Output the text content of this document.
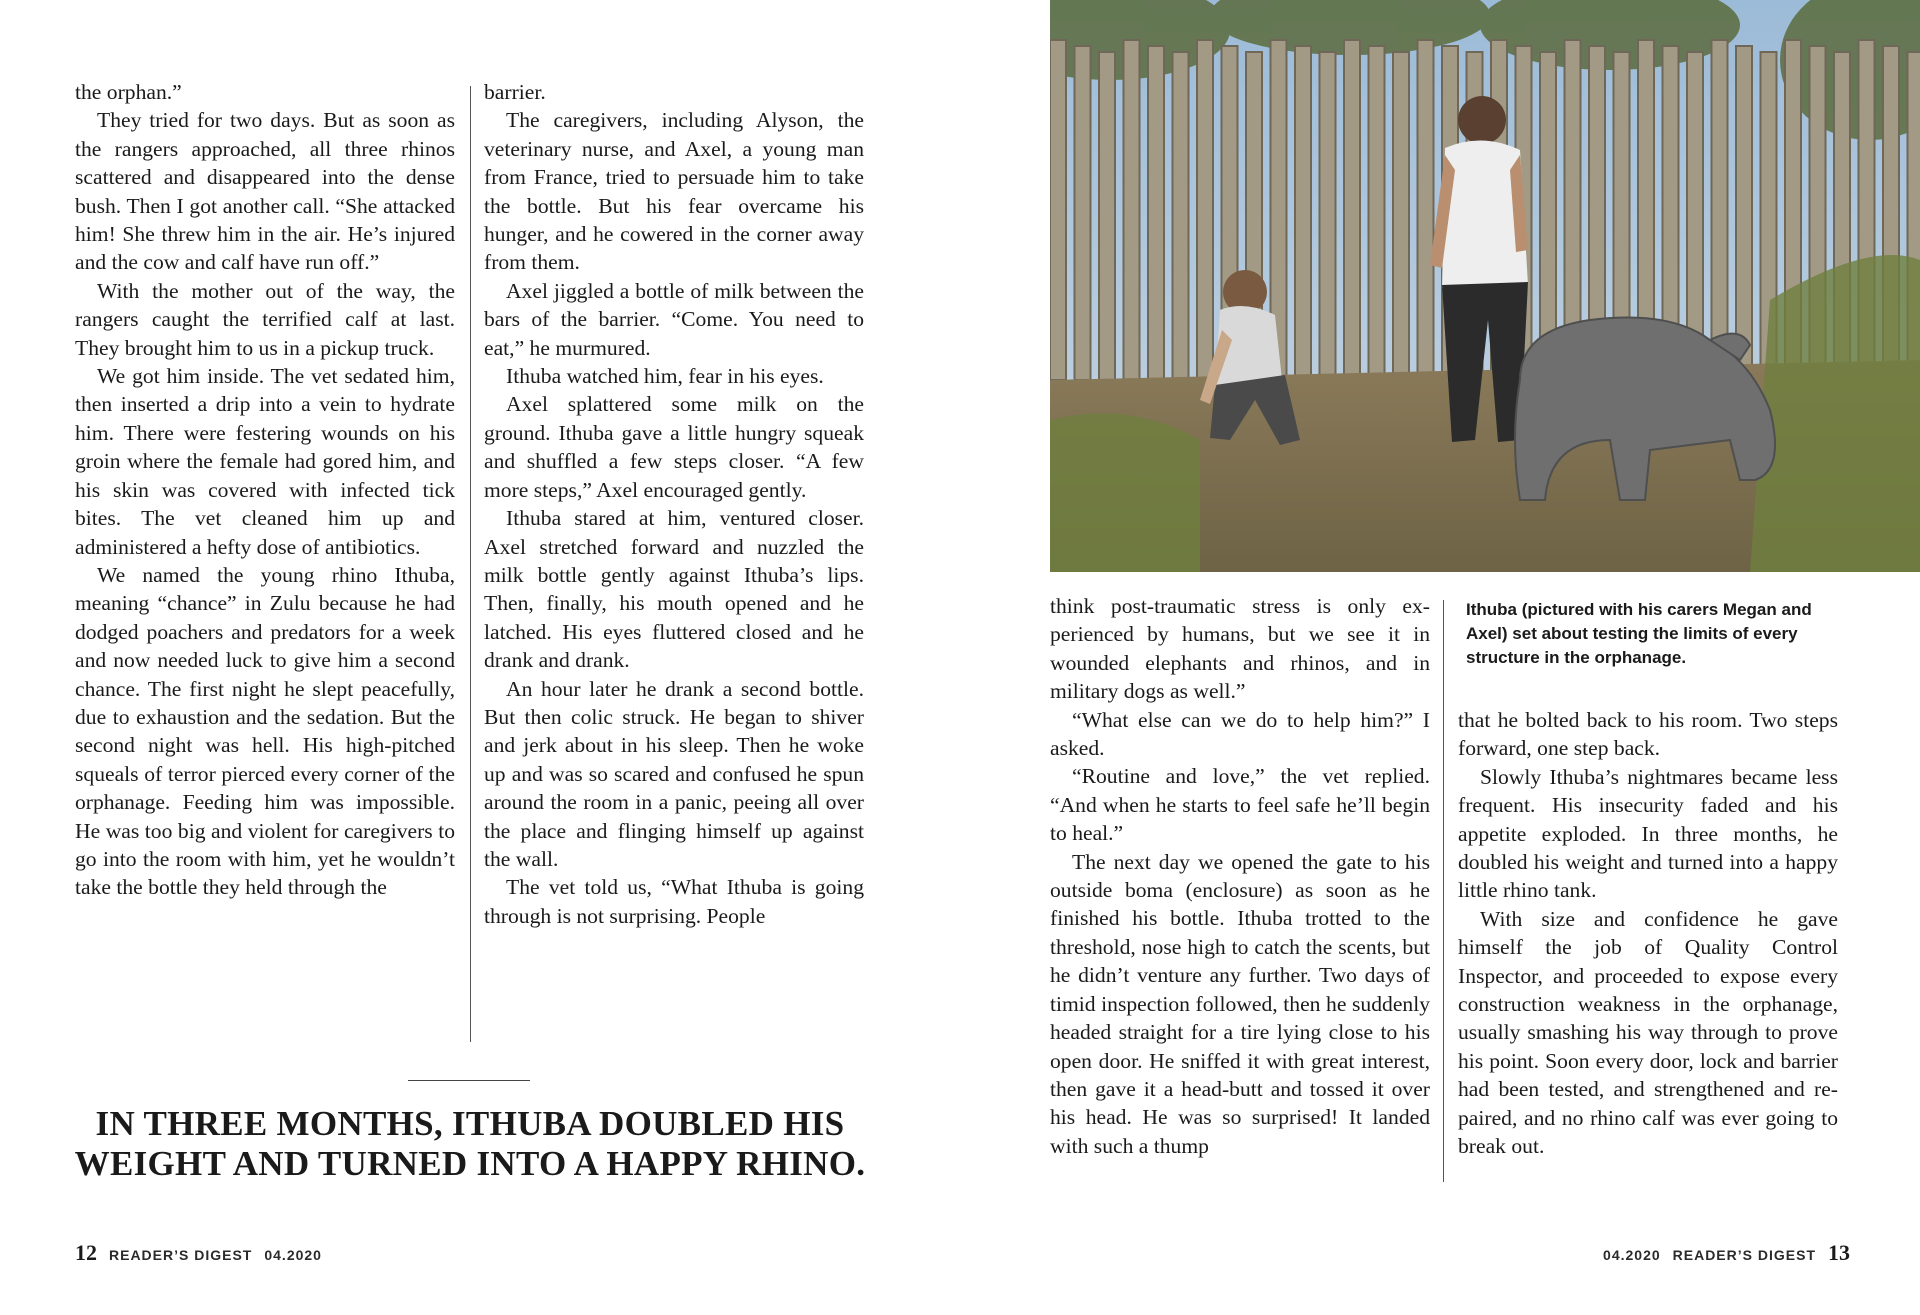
the orphan.”

They tried for two days. But as soon as the rangers approached, all three rhinos scattered and disappeared into the dense bush. Then I got another call. “She attacked him! She threw him in the air. He’s injured and the cow and calf have run off.”

With the mother out of the way, the rangers caught the terrified calf at last. They brought him to us in a pickup truck.

We got him inside. The vet sedated him, then inserted a drip into a vein to hydrate him. There were festering wounds on his groin where the female had gored him, and his skin was covered with infected tick bites. The vet cleaned him up and administered a hefty dose of antibiotics.

We named the young rhino Ithuba, meaning “chance” in Zulu because he had dodged poachers and predators for a week and now needed luck to give him a second chance. The first night he slept peacefully, due to exhaustion and the sedation. But the second night was hell. His high-pitched squeals of terror pierced every corner of the orphanage. Feeding him was impossible. He was too big and violent for caregivers to go into the room with him, yet he wouldn’t take the bottle they held through the

barrier.

The caregivers, including Alyson, the veterinary nurse, and Axel, a young man from France, tried to persuade him to take the bottle. But his fear overcame his hunger, and he cowered in the corner away from them.

Axel jiggled a bottle of milk between the bars of the barrier. “Come. You need to eat,” he murmured.

Ithuba watched him, fear in his eyes.

Axel splattered some milk on the ground. Ithuba gave a little hungry squeak and shuffled a few steps closer. “A few more steps,” Axel encouraged gently.

Ithuba stared at him, ventured closer. Axel stretched forward and nuzzled the milk bottle gently against Ithuba’s lips. Then, finally, his mouth opened and he latched. His eyes fluttered closed and he drank and drank.

An hour later he drank a second bottle. But then colic struck. He began to shiver and jerk about in his sleep. Then he woke up and was so scared and confused he spun around the room in a panic, peeing all over the place and flinging himself up against the wall.

The vet told us, “What Ithuba is going through is not surprising. People

IN THREE MONTHS, ITHUBA DOUBLED HIS WEIGHT AND TURNED INTO A HAPPY RHINO.
12 READER’S DIGEST 04.2020

think post-traumatic stress is only experienced by humans, but we see it in wounded elephants and rhinos, and in military dogs as well.”

“What else can we do to help him?” I asked.

“Routine and love,” the vet replied. “And when he starts to feel safe he’ll begin to heal.”

The next day we opened the gate to his outside boma (enclosure) as soon as he finished his bottle. Ithuba trotted to the threshold, nose high to catch the scents, but he didn’t venture any further. Two days of timid inspection followed, then he suddenly headed straight for a tire lying close to his open door. He sniffed it with great interest, then gave it a head-butt and tossed it over his head. He was so surprised! It landed with such a thump

Ithuba (pictured with his carers Megan and Axel) set about testing the limits of every structure in the orphanage.

that he bolted back to his room. Two steps forward, one step back.

Slowly Ithuba’s nightmares became less frequent. His insecurity faded and his appetite exploded. In three months, he doubled his weight and turned into a happy little rhino tank.

With size and confidence he gave himself the job of Quality Control Inspector, and proceeded to expose every construction weakness in the orphanage, usually smashing his way through to prove his point. Soon every door, lock and barrier had been tested, and strengthened and repaired, and no rhino calf was ever going to break out.

04.2020 READER’S DIGEST 13
